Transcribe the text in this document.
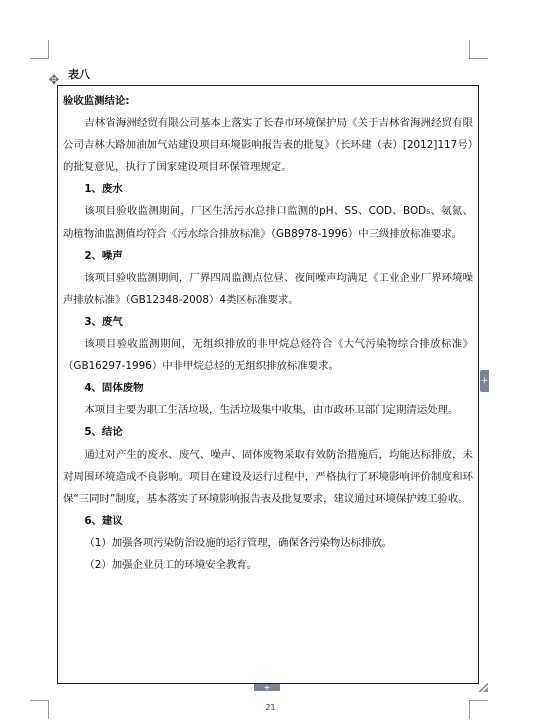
表八
✥

验收监测结论:

吉林省海洲经贸有限公司基本上落实了长春市环境保护局《关于吉林省海洲经贸有限公司吉林大路加油加气站建设项目环境影响报告表的批复》（长环建（表）[2012]117号）的批复意见，执行了国家建设项目环保管理规定。

1、废水

该项目验收监测期间，厂区生活污水总排口监测的pH、SS、COD、BOD₅、氨氮、动植物油监测值均符合《污水综合排放标准》（GB8978-1996）中三级排放标准要求。

2、噪声

该项目验收监测期间，厂界四周监测点位昼、夜间噪声均满足《工业企业厂界环境噪声排放标准》（GB12348-2008）4类区标准要求。

3、废气

该项目验收监测期间，无组织排放的非甲烷总烃符合《大气污染物综合排放标准》（GB16297-1996）中非甲烷总烃的无组织排放标准要求。

4、固体废物

本项目主要为职工生活垃圾，生活垃圾集中收集，由市政环卫部门定期清运处理。

5、结论

通过对产生的废水、废气、噪声、固体废物采取有效防治措施后，均能达标排放，未对周围环境造成不良影响。项目在建设及运行过程中，严格执行了环境影响评价制度和环保“三同时”制度，基本落实了环境影响报告表及批复要求，建议通过环境保护竣工验收。

6、建议

（1）加强各项污染防治设施的运行管理，确保各污染物达标排放。

（2）加强企业员工的环境安全教育。

+
+
21
